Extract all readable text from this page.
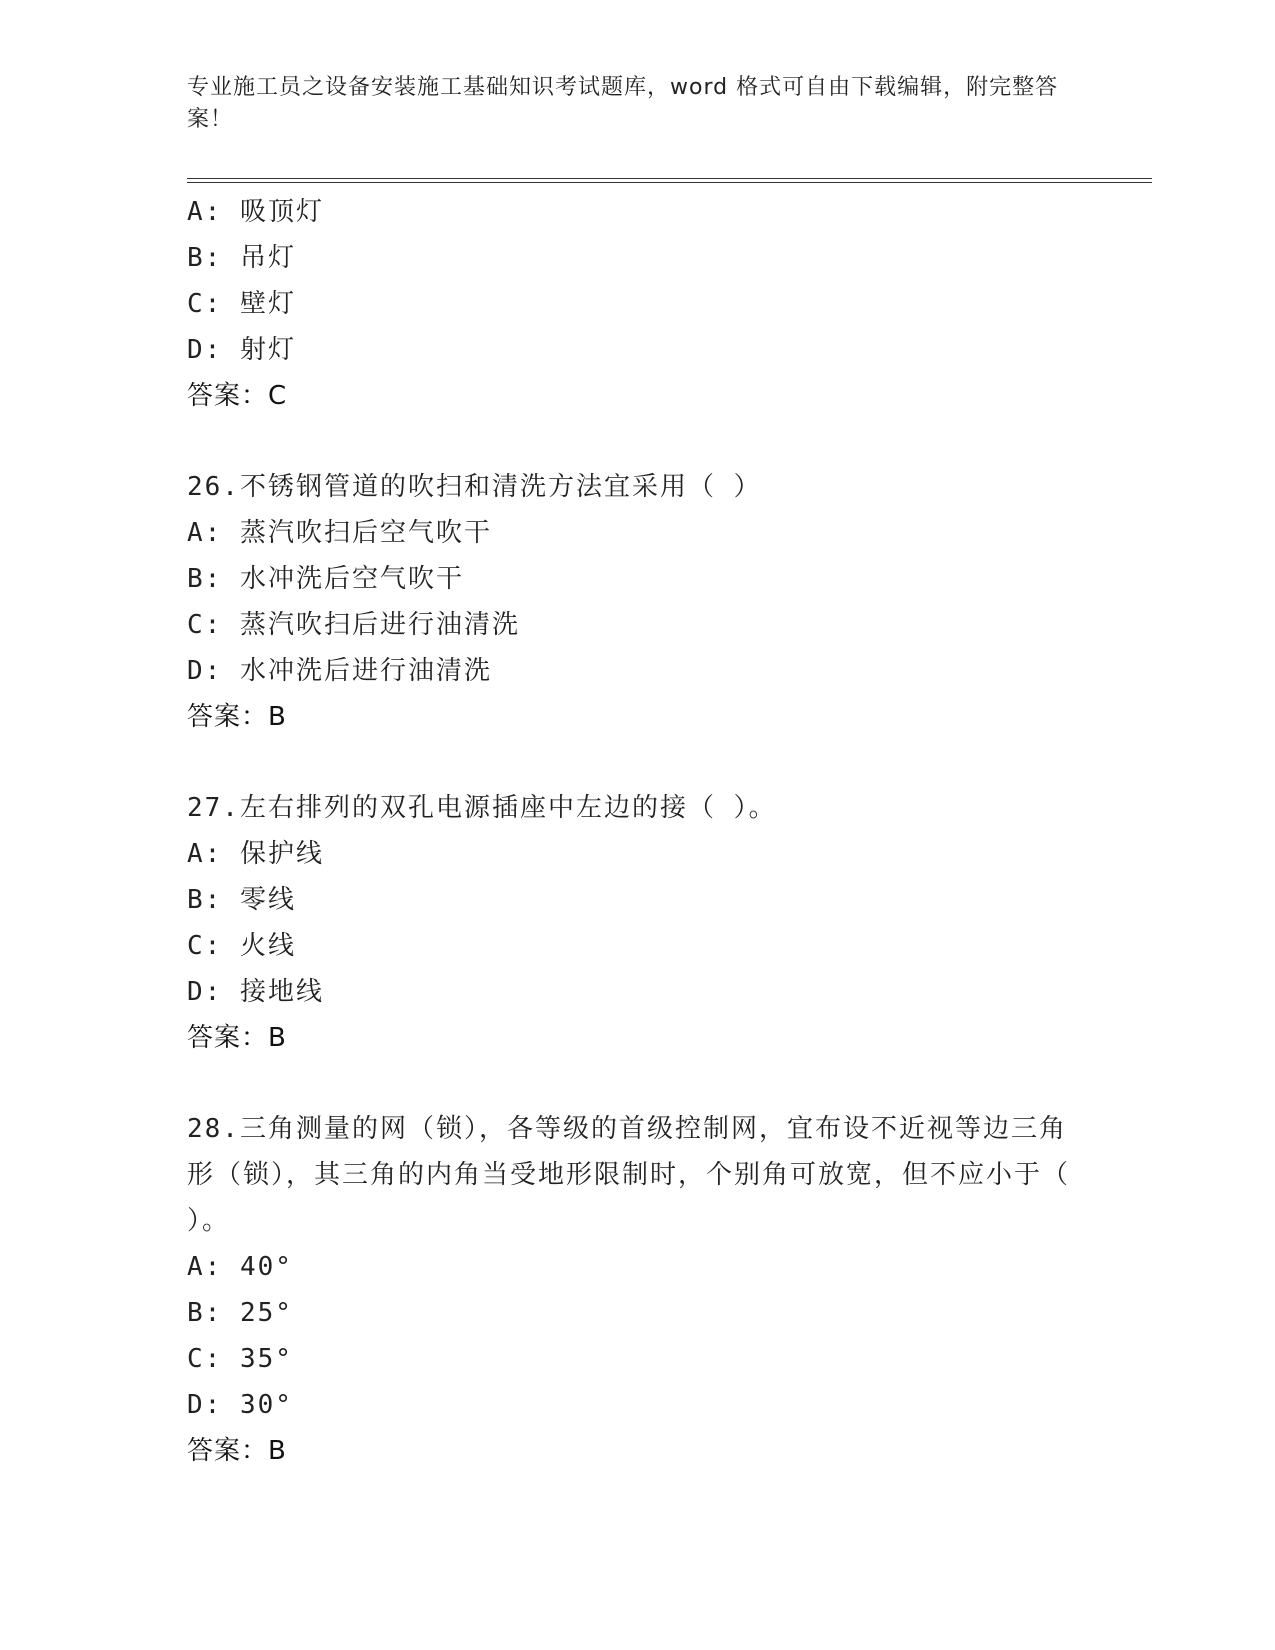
专业施工员之设备安装施工基础知识考试题库，word 格式可自由下载编辑，附完整答案！
A: 吸顶灯
B: 吊灯
C: 壁灯
D: 射灯
答案：C
26.不锈钢管道的吹扫和清洗方法宜采用（ ）
A: 蒸汽吹扫后空气吹干
B: 水冲洗后空气吹干
C: 蒸汽吹扫后进行油清洗
D: 水冲洗后进行油清洗
答案：B
27.左右排列的双孔电源插座中左边的接（ ）。
A: 保护线
B: 零线
C: 火线
D: 接地线
答案：B
28.三角测量的网（锁），各等级的首级控制网，宜布设不近视等边三角形（锁），其三角的内角当受地形限制时，个别角可放宽，但不应小于（ ）。
A: 40°
B: 25°
C: 35°
D: 30°
答案：B
